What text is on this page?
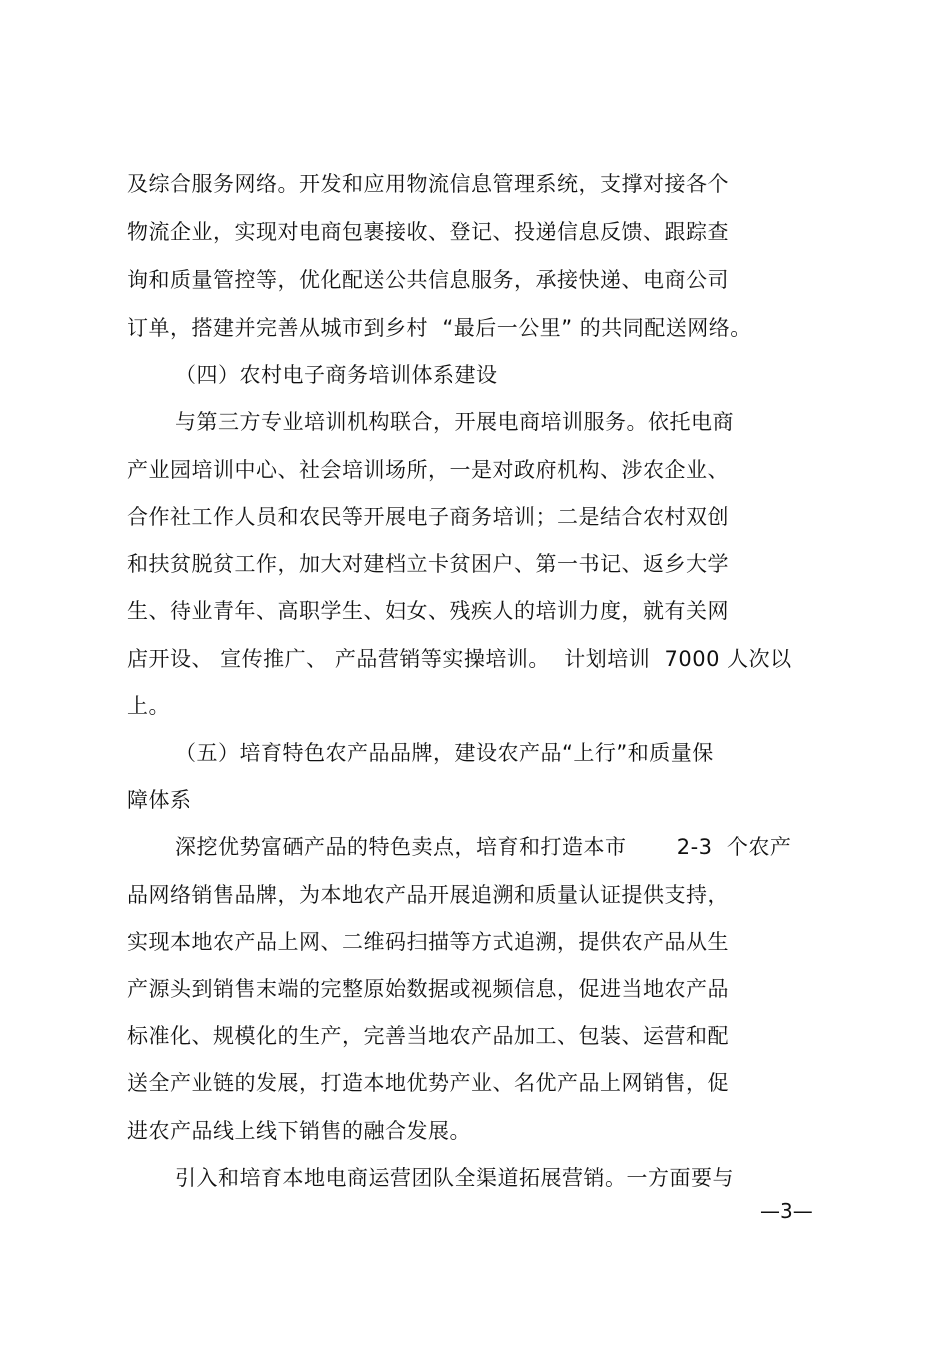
及综合服务网络。开发和应用物流信息管理系统，支撑对接各个
物流企业，实现对电商包裹接收、登记、投递信息反馈、跟踪查
询和质量管控等，优化配送公共信息服务，承接快递、电商公司
订单，搭建并完善从城市到乡村  “最后一公里” 的共同配送网络。
（四）农村电子商务培训体系建设
与第三方专业培训机构联合，开展电商培训服务。依托电商
产业园培训中心、社会培训场所，一是对政府机构、涉农企业、
合作社工作人员和农民等开展电子商务培训；二是结合农村双创
和扶贫脱贫工作，加大对建档立卡贫困户、第一书记、返乡大学
生、待业青年、高职学生、妇女、残疾人的培训力度，就有关网
店开设、 宣传推广、 产品营销等实操培训。  计划培训  7000 人次以
上。
（五）培育特色农产品品牌，建设农产品“上行”和质量保
障体系
深挖优势富硒产品的特色卖点，培育和打造本市       2-3  个农产
品网络销售品牌，为本地农产品开展追溯和质量认证提供支持，
实现本地农产品上网、二维码扫描等方式追溯，提供农产品从生
产源头到销售末端的完整原始数据或视频信息，促进当地农产品
标准化、规模化的生产，完善当地农产品加工、包装、运营和配
送全产业链的发展，打造本地优势产业、名优产品上网销售，促
进农产品线上线下销售的融合发展。
引入和培育本地电商运营团队全渠道拓展营销。一方面要与
—3—
